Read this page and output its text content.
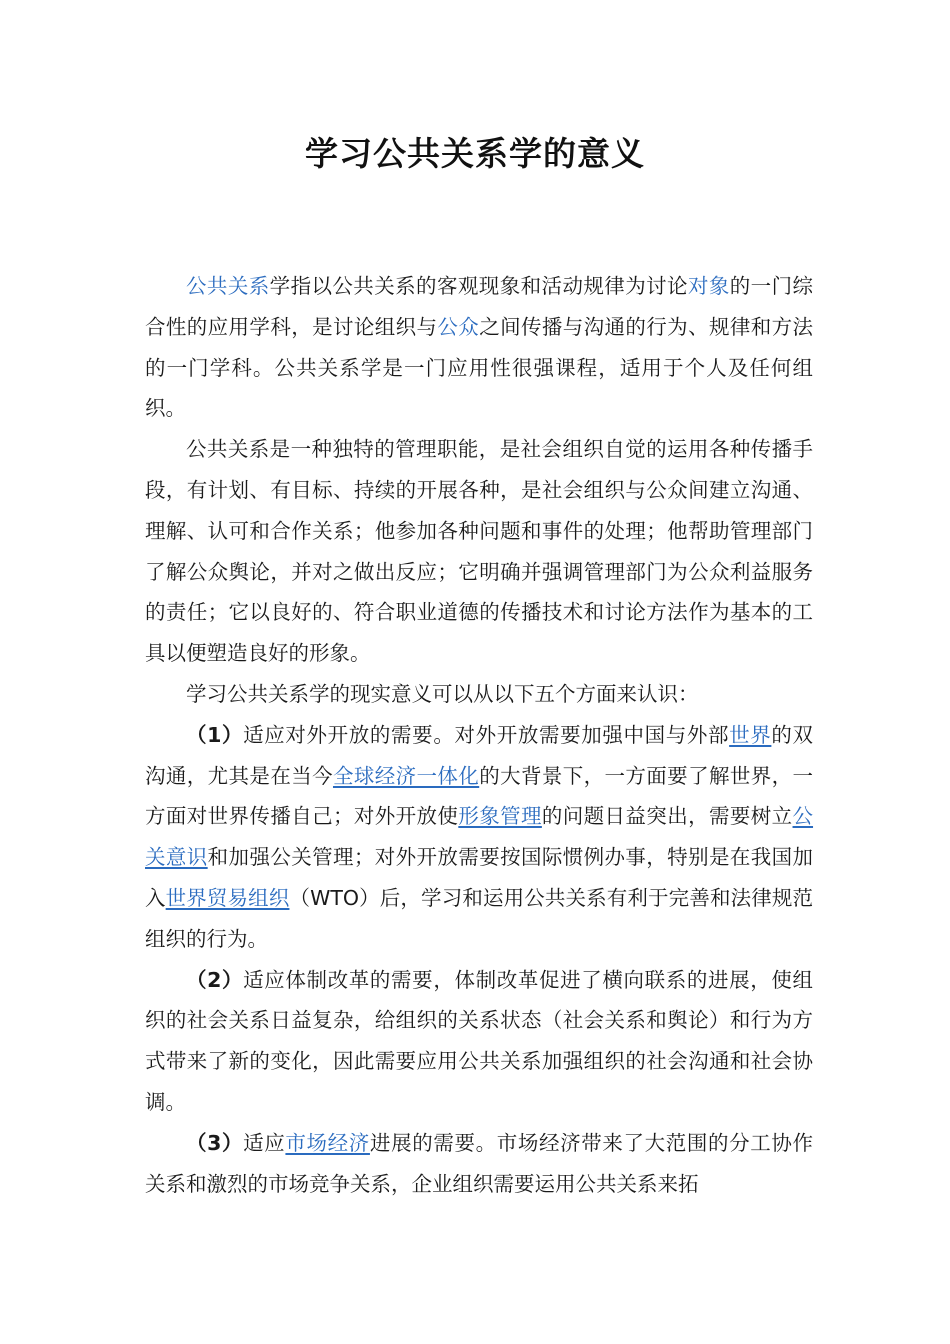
学习公共关系学的意义

公共关系学指以公共关系的客观现象和活动规律为讨论对象的一门综合性的应用学科，是讨论组织与公众之间传播与沟通的行为、规律和方法的一门学科。公共关系学是一门应用性很强课程，适用于个人及任何组织。

公共关系是一种独特的管理职能，是社会组织自觉的运用各种传播手段，有计划、有目标、持续的开展各种，是社会组织与公众间建立沟通、理解、认可和合作关系；他参加各种问题和事件的处理；他帮助管理部门了解公众舆论，并对之做出反应；它明确并强调管理部门为公众利益服务的责任；它以良好的、符合职业道德的传播技术和讨论方法作为基本的工具以便塑造良好的形象。

学习公共关系学的现实意义可以从以下五个方面来认识：

（1）适应对外开放的需要。对外开放需要加强中国与外部世界的双沟通，尤其是在当今全球经济一体化的大背景下，一方面要了解世界，一方面对世界传播自己；对外开放使形象管理的问题日益突出，需要树立公关意识和加强公关管理；对外开放需要按国际惯例办事，特别是在我国加入世界贸易组织（WTO）后，学习和运用公共关系有利于完善和法律规范组织的行为。

（2）适应体制改革的需要，体制改革促进了横向联系的进展，使组织的社会关系日益复杂，给组织的关系状态（社会关系和舆论）和行为方式带来了新的变化，因此需要应用公共关系加强组织的社会沟通和社会协调。

（3）适应市场经济进展的需要。市场经济带来了大范围的分工协作关系和激烈的市场竞争关系，企业组织需要运用公共关系来拓
